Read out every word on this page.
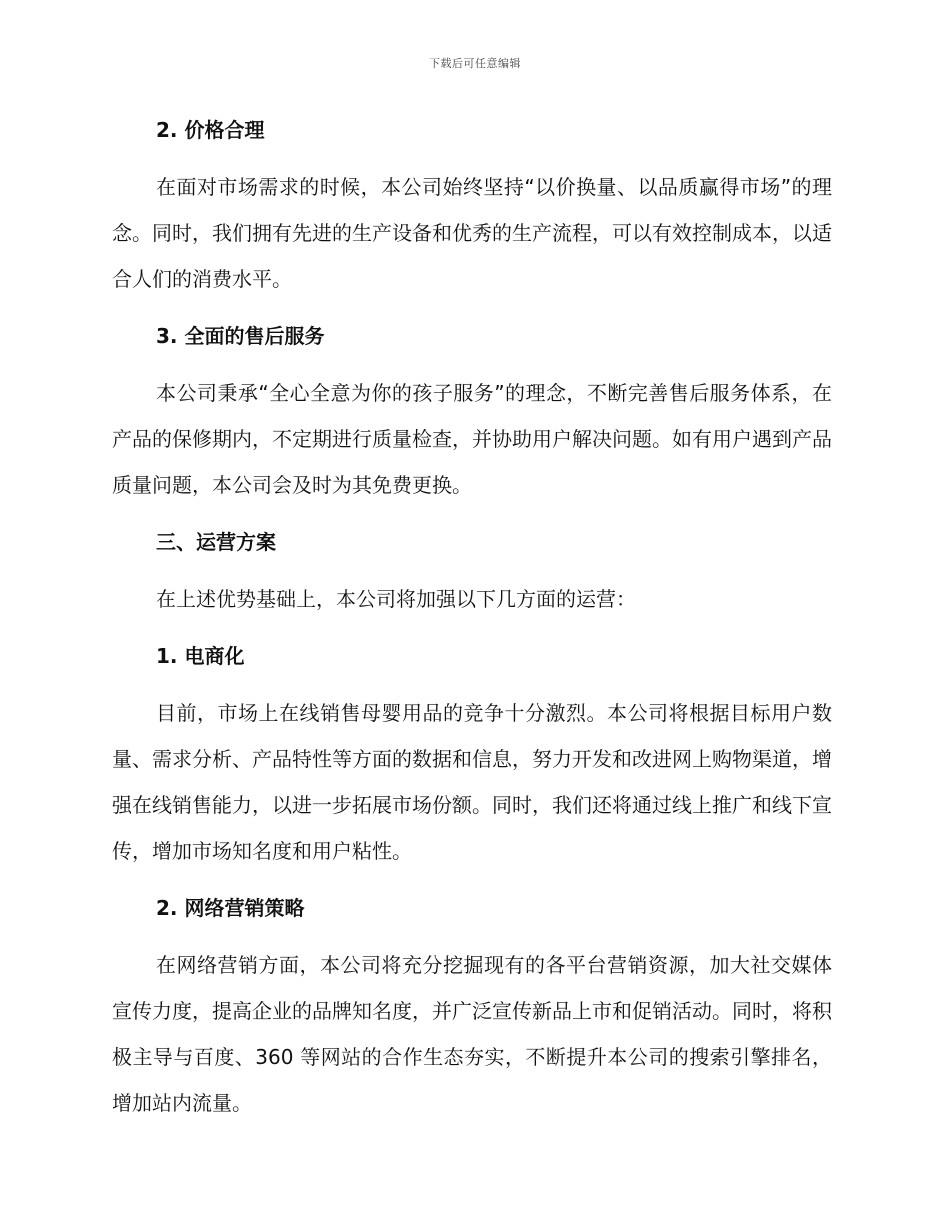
下载后可任意编辑
2. 价格合理

在面对市场需求的时候，本公司始终坚持“以价换量、以品质赢得市场”的理念。同时，我们拥有先进的生产设备和优秀的生产流程，可以有效控制成本，以适合人们的消费水平。

3. 全面的售后服务

本公司秉承“全心全意为你的孩子服务”的理念，不断完善售后服务体系，在产品的保修期内，不定期进行质量检查，并协助用户解决问题。如有用户遇到产品质量问题，本公司会及时为其免费更换。

三、运营方案

在上述优势基础上，本公司将加强以下几方面的运营：

1. 电商化

目前，市场上在线销售母婴用品的竞争十分激烈。本公司将根据目标用户数量、需求分析、产品特性等方面的数据和信息，努力开发和改进网上购物渠道，增强在线销售能力，以进一步拓展市场份额。同时，我们还将通过线上推广和线下宣传，增加市场知名度和用户粘性。

2. 网络营销策略

在网络营销方面，本公司将充分挖掘现有的各平台营销资源，加大社交媒体宣传力度，提高企业的品牌知名度，并广泛宣传新品上市和促销活动。同时，将积极主导与百度、360 等网站的合作生态夯实，不断提升本公司的搜索引擎排名，增加站内流量。
